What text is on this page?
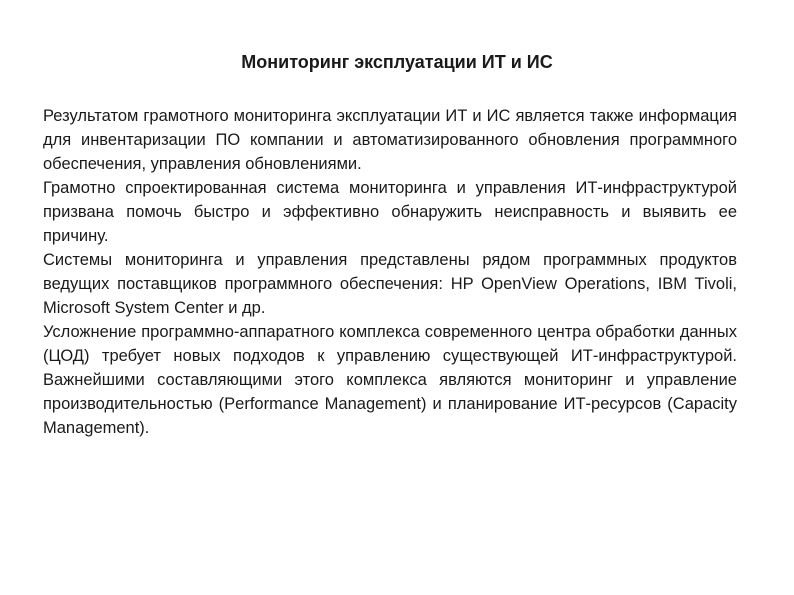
Мониторинг эксплуатации ИТ и ИС

Результатом грамотного мониторинга эксплуатации ИТ и ИС является также информация для инвентаризации ПО компании и автоматизированного обновления программного обеспечения, управления обновлениями.

Грамотно спроектированная система мониторинга и управления ИТ-инфраструктурой призвана помочь быстро и эффективно обнаружить неисправность и выявить ее причину.

Системы мониторинга и управления представлены рядом программных продуктов ведущих поставщиков программного обеспечения: HP OpenView Operations, IBM Tivoli, Microsoft System Center и др.

Усложнение программно-аппаратного комплекса современного центра обработки данных (ЦОД) требует новых подходов к управлению существующей ИТ-инфраструктурой. Важнейшими составляющими этого комплекса являются мониторинг и управление производительностью (Performance Management) и планирование ИТ-ресурсов (Capacity Management).
